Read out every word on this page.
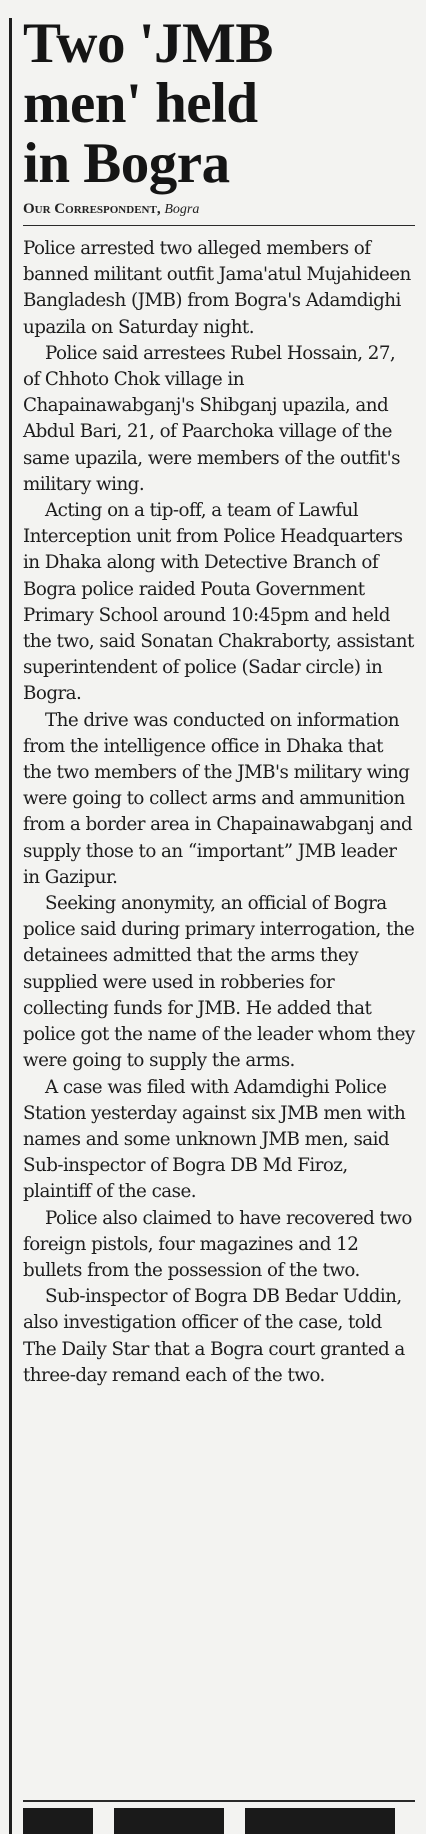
Two 'JMB
men' held
in Bogra
Our Correspondent, Bogra

Police arrested two alleged members of banned militant outfit Jama'atul Mujahideen Bangladesh (JMB) from Bogra's Adamdighi upazila on Saturday night.

Police said arrestees Rubel Hossain, 27, of Chhoto Chok village in Chapainawabganj's Shibganj upazila, and Abdul Bari, 21, of Paarchoka village of the same upazila, were members of the outfit's military wing.

Acting on a tip-off, a team of Lawful Interception unit from Police Headquarters in Dhaka along with Detective Branch of Bogra police raided Pouta Government Primary School around 10:45pm and held the two, said Sonatan Chakraborty, assistant superintendent of police (Sadar circle) in Bogra.

The drive was conducted on information from the intelligence office in Dhaka that the two members of the JMB's military wing were going to collect arms and ammunition from a border area in Chapainawabganj and supply those to an “important” JMB leader in Gazipur.

Seeking anonymity, an official of Bogra police said during primary interrogation, the detainees admitted that the arms they supplied were used in robberies for collecting funds for JMB. He added that police got the name of the leader whom they were going to supply the arms.

A case was filed with Adamdighi Police Station yesterday against six JMB men with names and some unknown JMB men, said Sub-inspector of Bogra DB Md Firoz, plaintiff of the case.

Police also claimed to have recovered two foreign pistols, four magazines and 12 bullets from the possession of the two.

Sub-inspector of Bogra DB Bedar Uddin, also investigation officer of the case, told The Daily Star that a Bogra court granted a three-day remand each of the two.
